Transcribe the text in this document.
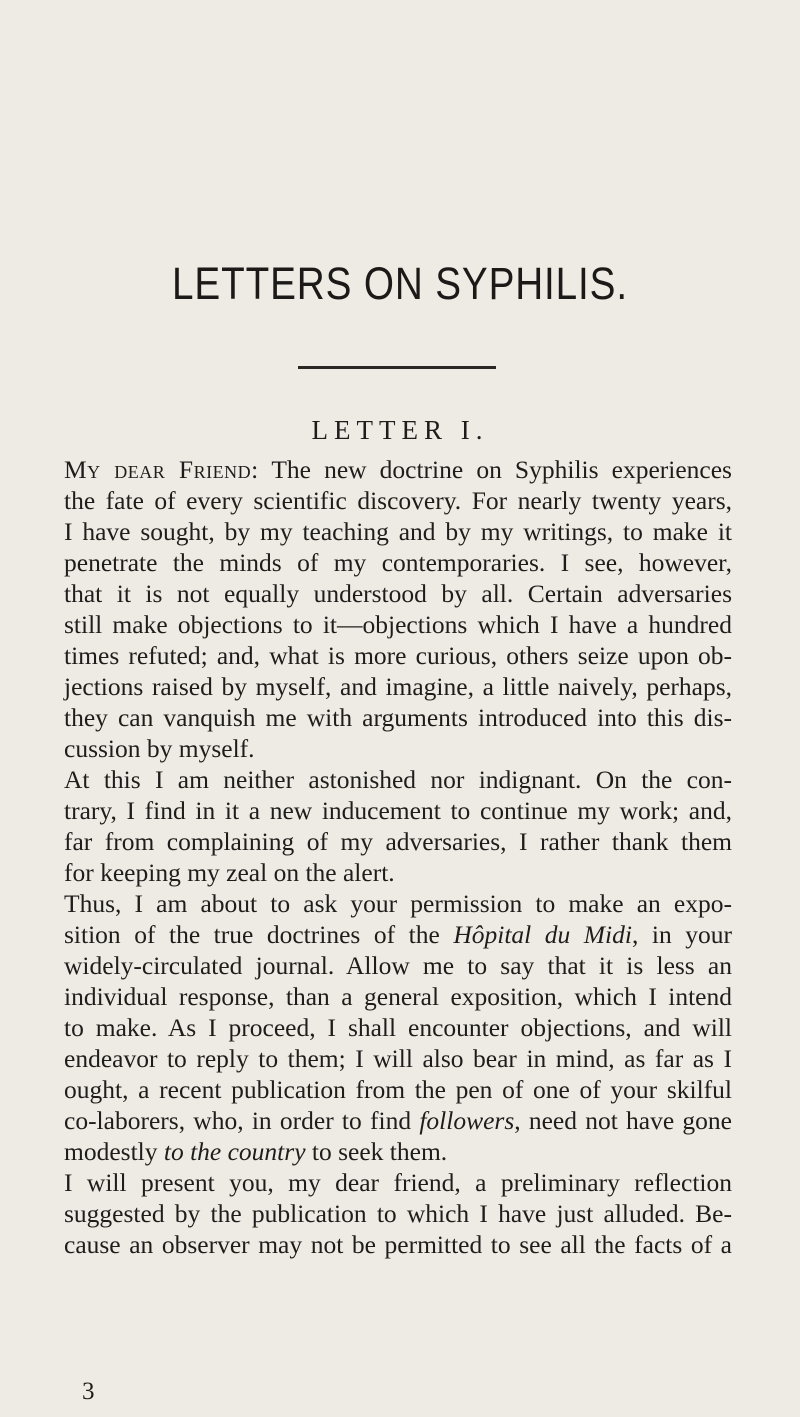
LETTERS ON SYPHILIS.
LETTER I.
My dear Friend: The new doctrine on Syphilis experiences
the fate of every scientific discovery. For nearly twenty years,
I have sought, by my teaching and by my writings, to make it
penetrate the minds of my contemporaries. I see, however,
that it is not equally understood by all. Certain adversaries
still make objections to it—objections which I have a hundred
times refuted; and, what is more curious, others seize upon ob-
jections raised by myself, and imagine, a little naively, perhaps,
they can vanquish me with arguments introduced into this dis-
cussion by myself.
At this I am neither astonished nor indignant. On the con-
trary, I find in it a new inducement to continue my work; and,
far from complaining of my adversaries, I rather thank them
for keeping my zeal on the alert.
Thus, I am about to ask your permission to make an expo-
sition of the true doctrines of the Hôpital du Midi, in your
widely-circulated journal. Allow me to say that it is less an
individual response, than a general exposition, which I intend
to make. As I proceed, I shall encounter objections, and will
endeavor to reply to them; I will also bear in mind, as far as I
ought, a recent publication from the pen of one of your skilful
co-laborers, who, in order to find followers, need not have gone
modestly to the country to seek them.
I will present you, my dear friend, a preliminary reflection
suggested by the publication to which I have just alluded. Be-
cause an observer may not be permitted to see all the facts of a
3
